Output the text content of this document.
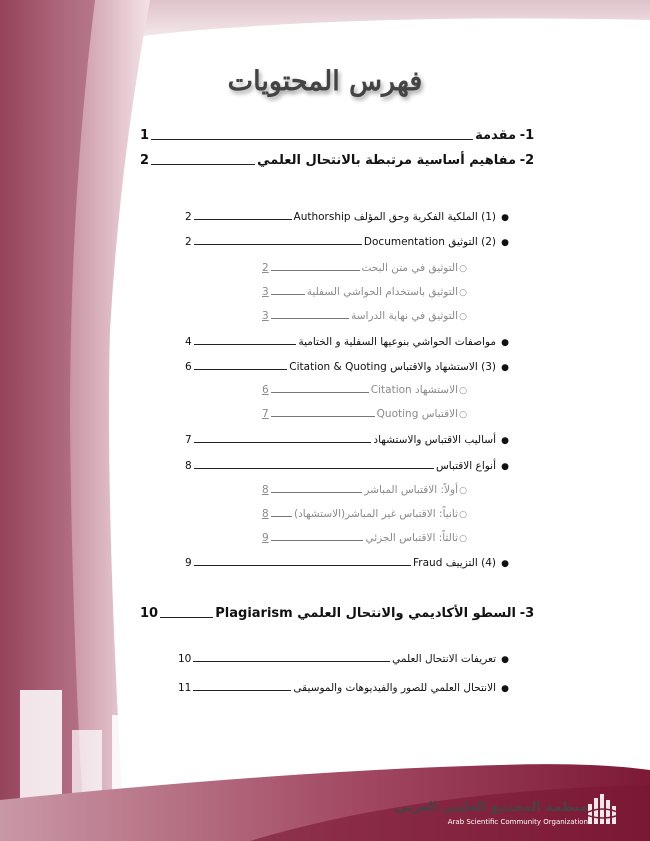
فهرس المحتويات
1-
مقدمة
1
2-
مفاهيم أساسية مرتبطة بالانتحال العلمي
2
●
(1) الملكية الفكرية وحق المؤلف Authorship
2
●
(2) التوثيق Documentation
2
○
التوثيق في متن البحث
2
○
التوثيق باستخدام الحواشي السفلية
3
○
التوثيق في نهاية الدراسة
3
●
مواصفات الحواشي بنوعيها السفلية و الختامية
4
●
(3) الاستشهاد والاقتباس Citation & Quoting
6
○
الاستشهاد Citation
6
○
الاقتباس Quoting
7
●
أساليب الاقتباس والاستشهاد
7
●
أنواع الاقتباس
8
○
أولاً: الاقتباس المباشر
8
○
ثانياً: الاقتباس غير المباشر(الاستشهاد)
8
○
ثالثاً: الاقتباس الجزئي
9
●
(4) التزييف Fraud
9
3-
السطو الأكاديمي والانتحال العلمي Plagiarism
10
●
تعريفات الانتحال العلمي
10
●
الانتحال العلمي للصور والفيديوهات والموسيقى
11
منظمة المجتمع العلمي العربي
Arab Scientific Community Organization
